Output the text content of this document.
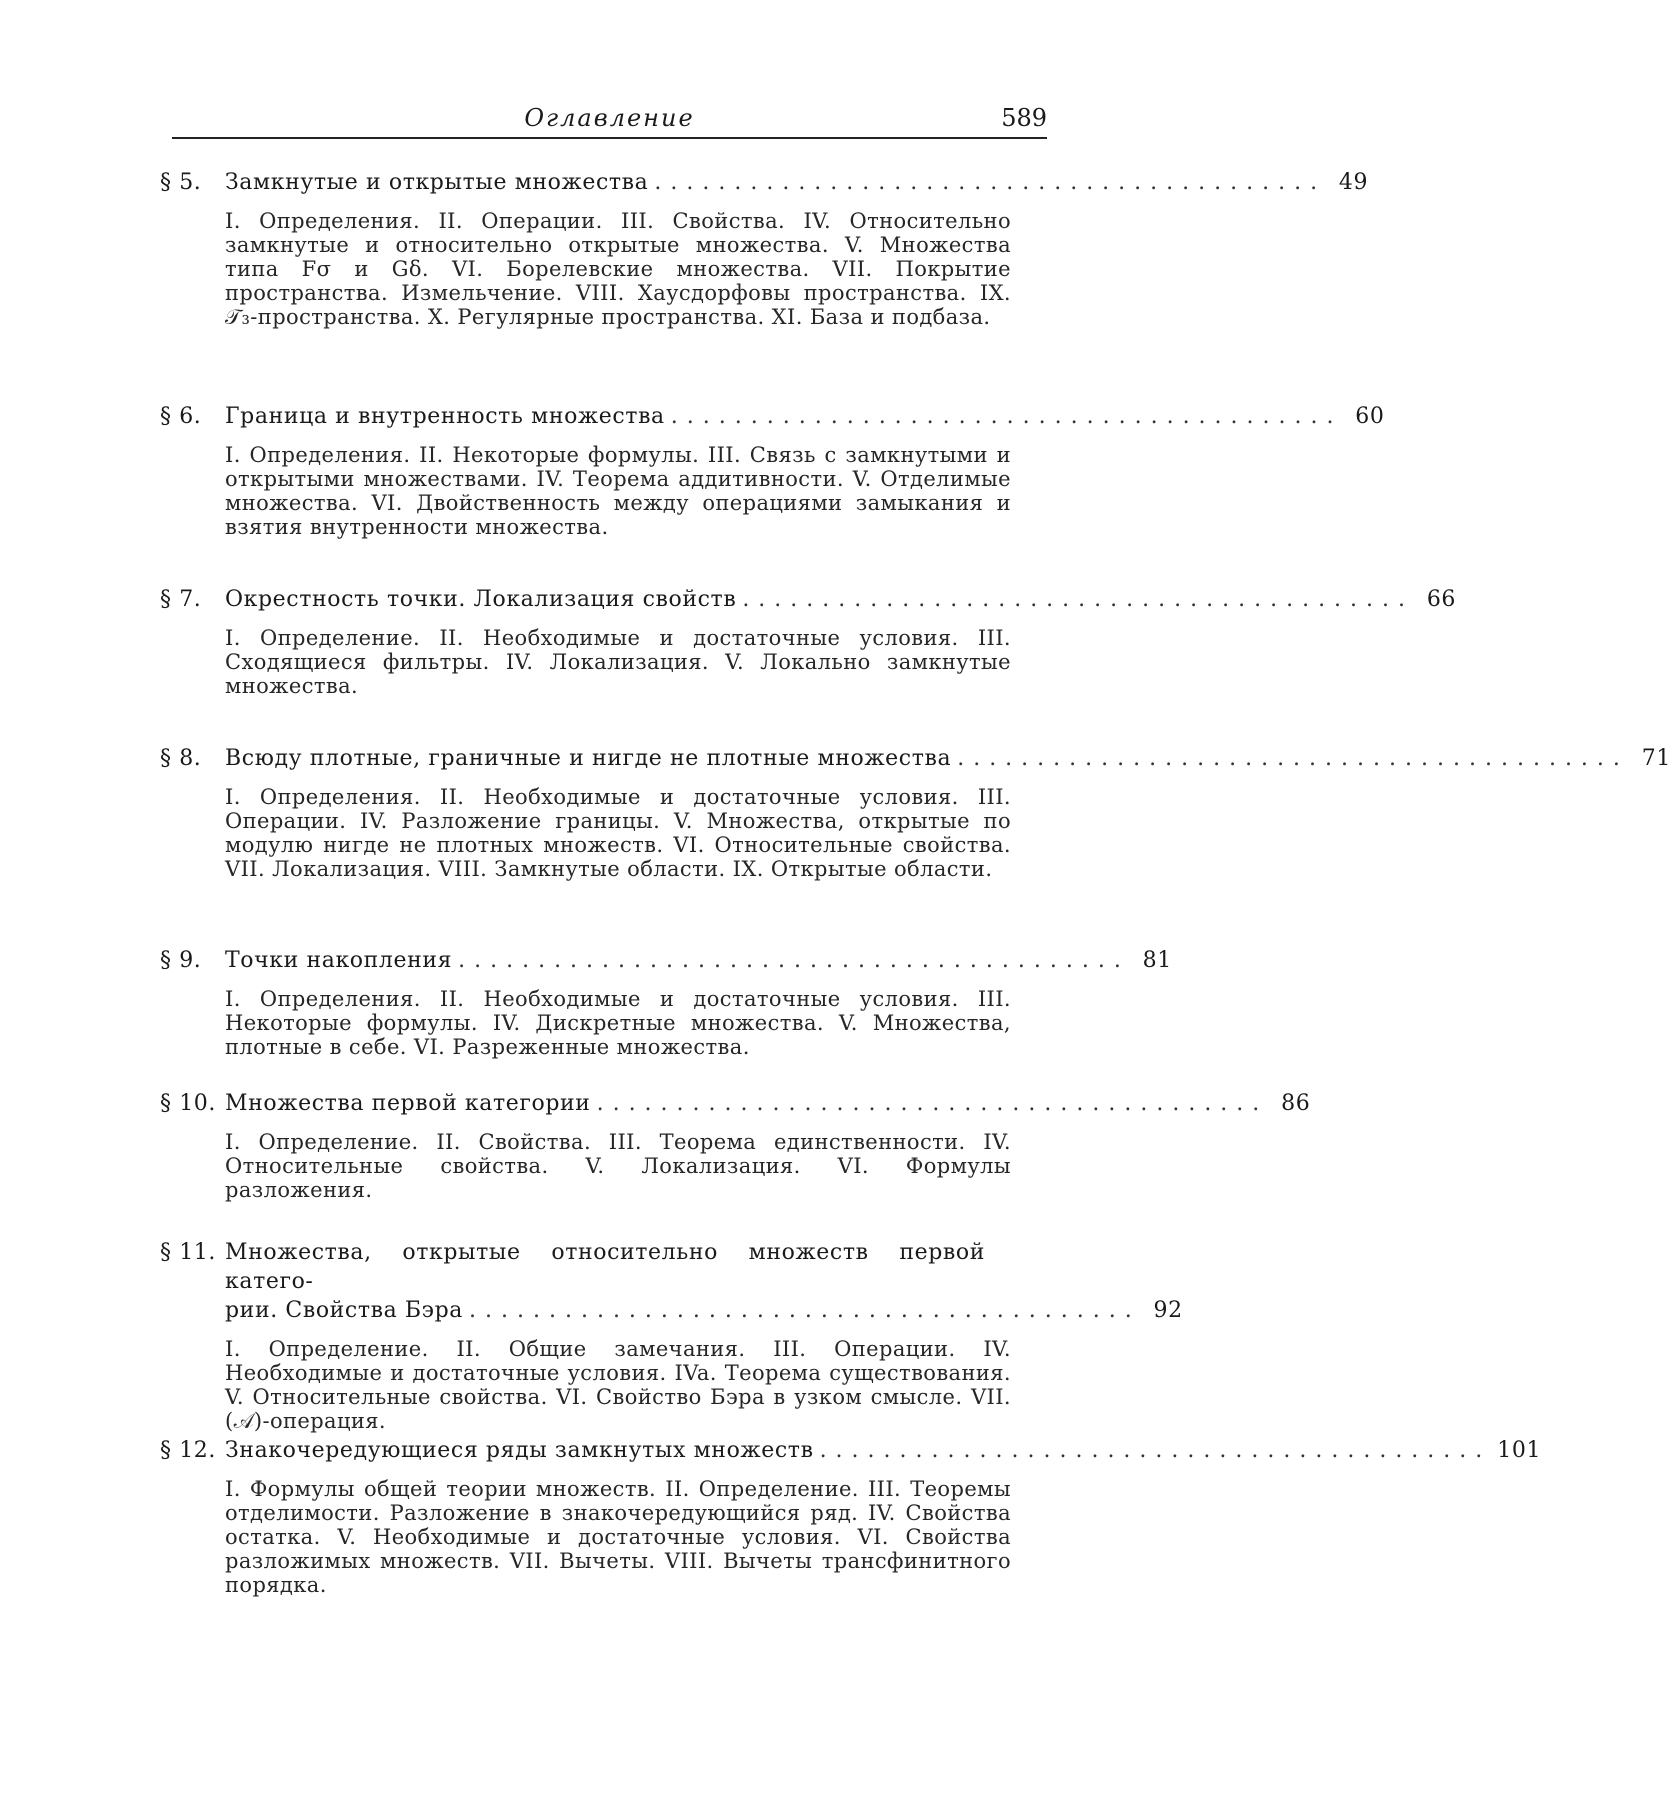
Оглавление	589
§ 5.	Замкнутые и открытые множества .......................................... 49
I. Определения. II. Операции. III. Свойства. IV. Относительно замкнутые и относительно открытые множества. V. Множества типа Fσ и Gδ. VI. Борелевские множества. VII. Покрытие пространства. Измельчение. VIII. Хаусдорфовы пространства. IX. 𝒯₃-пространства. X. Регулярные пространства. XI. База и подбаза.
§ 6.	Граница и внутренность множества .......................................... 60
I. Определения. II. Некоторые формулы. III. Связь с замкнутыми и открытыми множествами. IV. Теорема аддитивности. V. Отделимые множества. VI. Двойственность между операциями замыкания и взятия внутренности множества.
§ 7.	Окрестность точки. Локализация свойств .......................................... 66
I. Определение. II. Необходимые и достаточные условия. III. Сходящиеся фильтры. IV. Локализация. V. Локально замкнутые множества.
§ 8.	Всюду плотные, граничные и нигде не плотные множества .......................................... 71
I. Определения. II. Необходимые и достаточные условия. III. Операции. IV. Разложение границы. V. Множества, открытые по модулю нигде не плотных множеств. VI. Относительные свойства. VII. Локализация. VIII. Замкнутые области. IX. Открытые области.
§ 9.	Точки накопления .......................................... 81
I. Определения. II. Необходимые и достаточные условия. III. Некоторые формулы. IV. Дискретные множества. V. Множества, плотные в себе. VI. Разреженные множества.
§ 10. Множества первой категории .......................................... 86
I. Определение. II. Свойства. III. Теорема единственности. IV. Относительные свойства. V. Локализация. VI. Формулы разложения.
§ 11. Множества, открытые относительно множеств первой катего-
рии. Свойства Бэра .......................................... 92
I. Определение. II. Общие замечания. III. Операции. IV. Необходимые и достаточные условия. IVa. Теорема существования. V. Относительные свойства. VI. Свойство Бэра в узком смысле. VII. (𝒜)-операция.
§ 12. Знакочередующиеся ряды замкнутых множеств .......................................... 101
I. Формулы общей теории множеств. II. Определение. III. Теоремы отделимости. Разложение в знакочередующийся ряд. IV. Свойства остатка. V. Необходимые и достаточные условия. VI. Свойства разложимых множеств. VII. Вычеты. VIII. Вычеты трансфинитного порядка.
